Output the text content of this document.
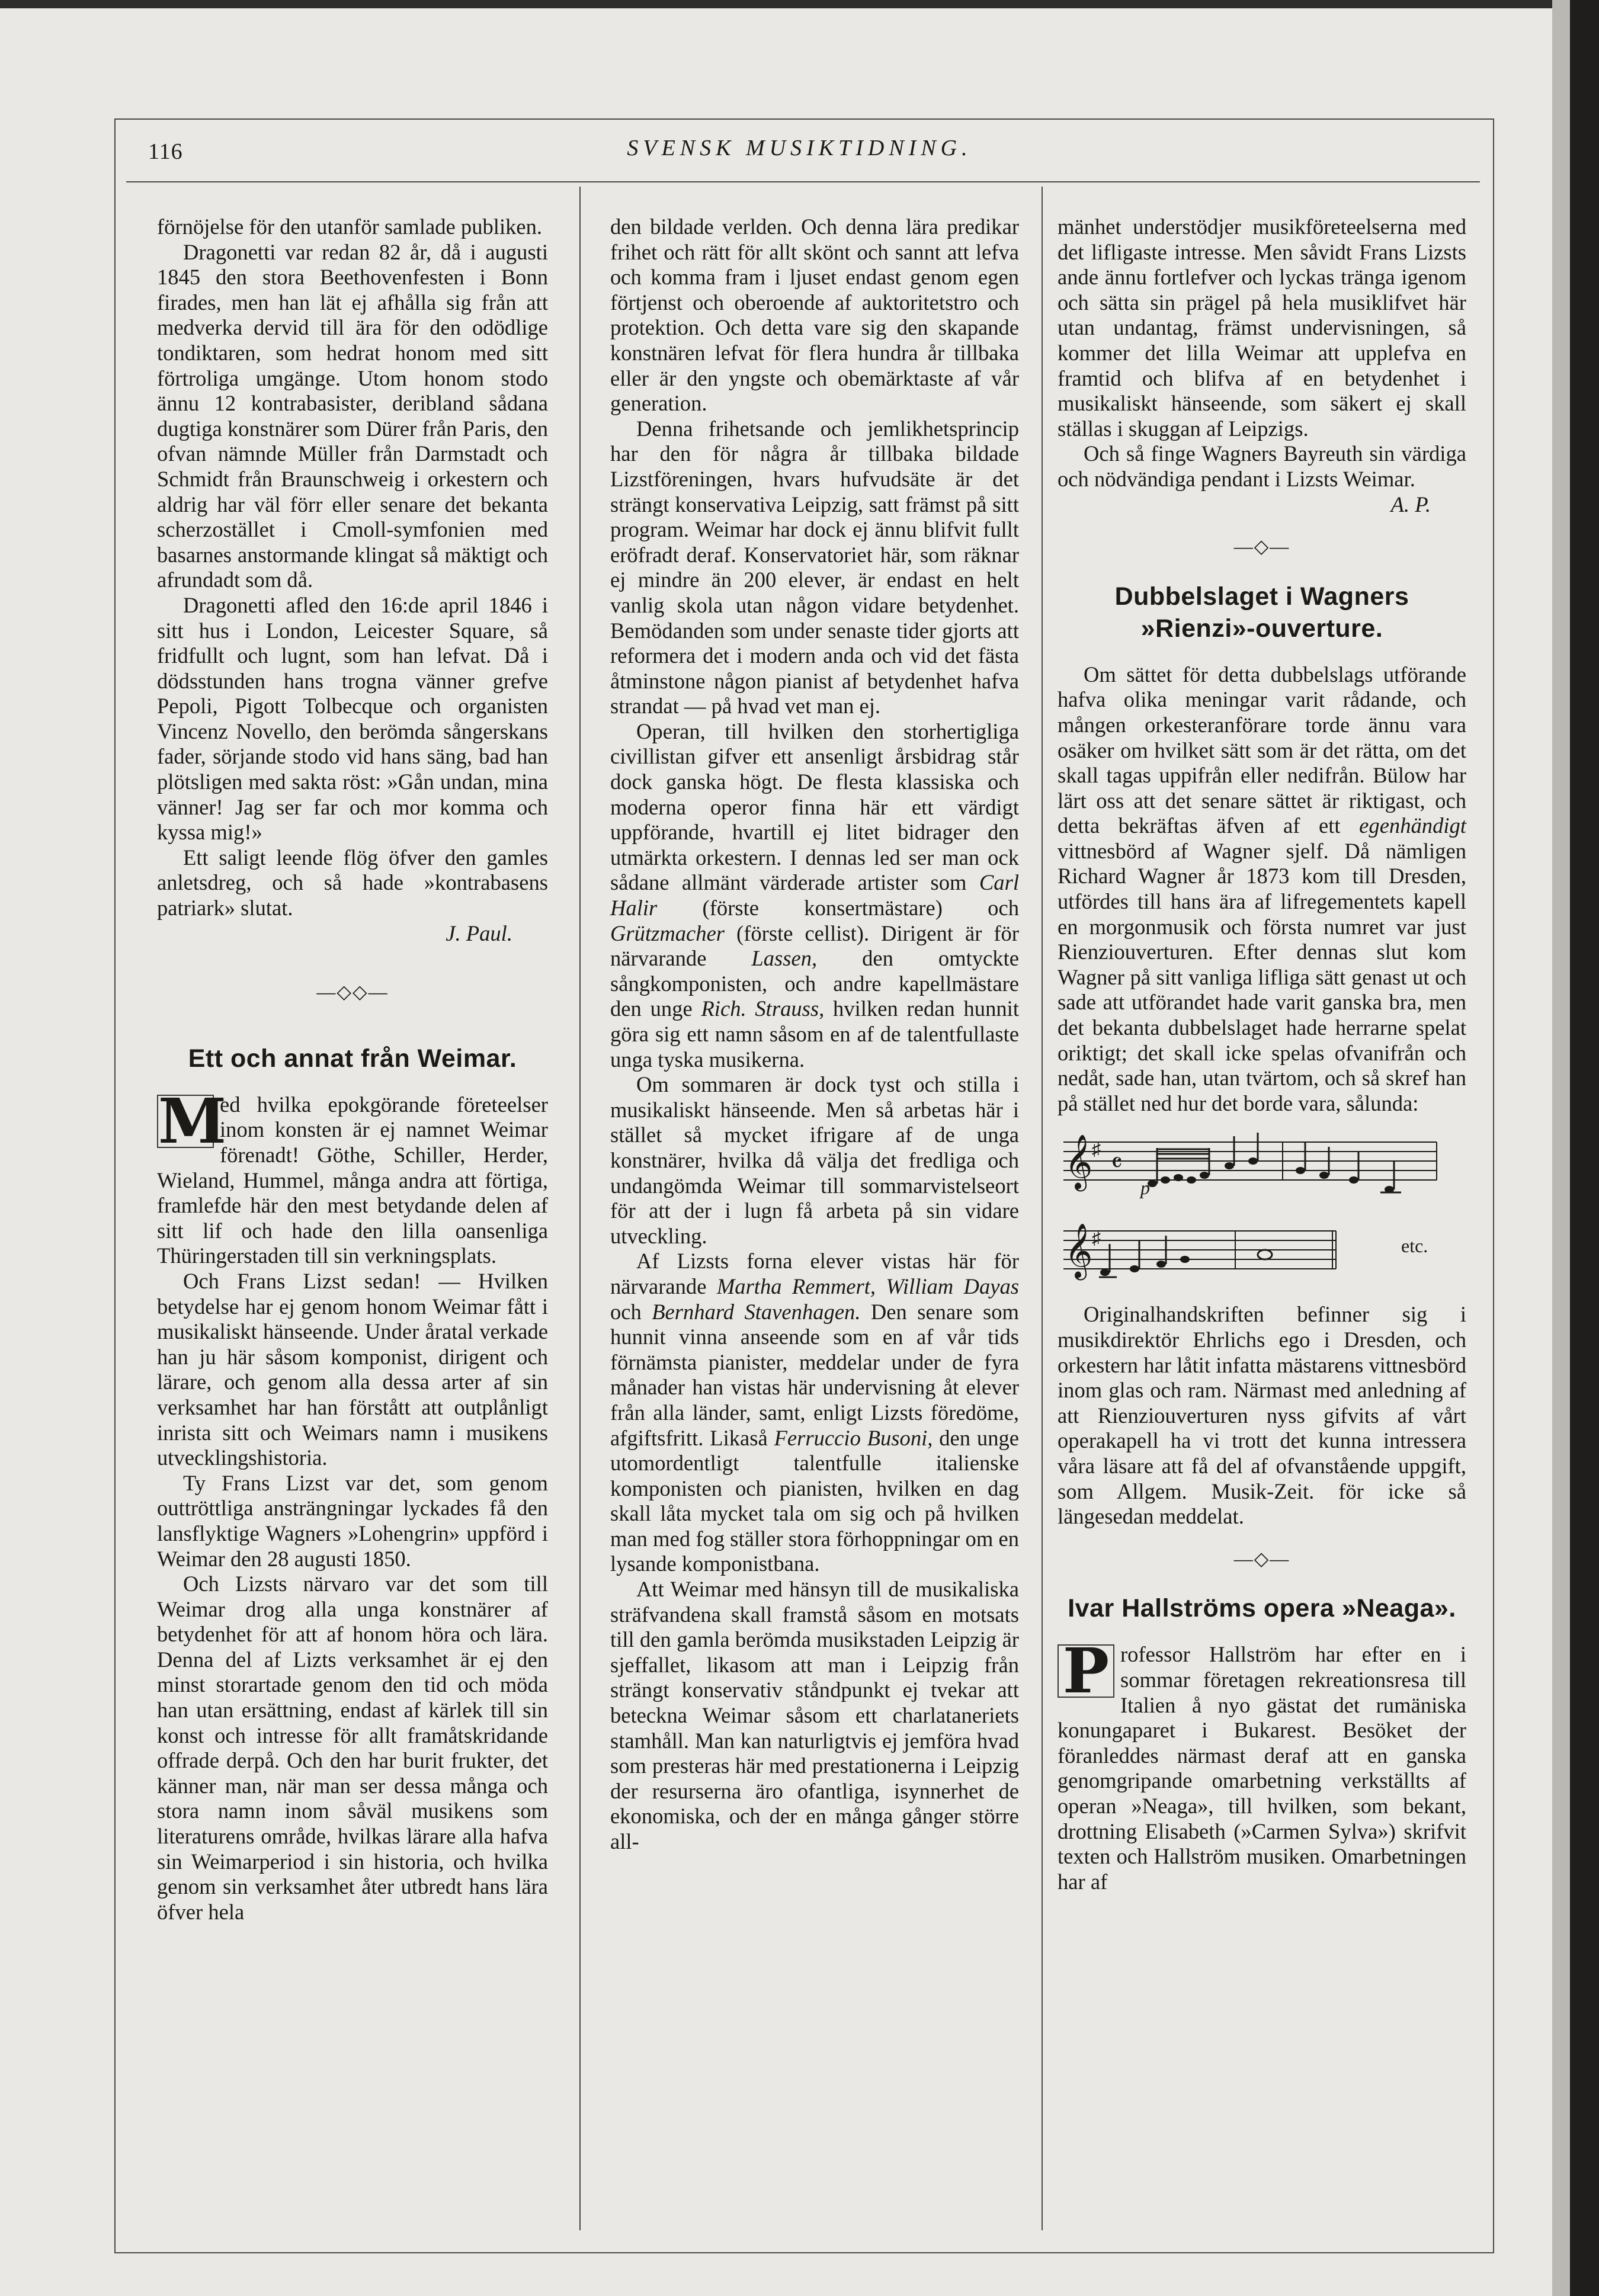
116	SVENSK MUSIKTIDNING.

förnöjelse för den utanför samlade publiken.

Dragonetti var redan 82 år, då i augusti 1845 den stora Beethovenfesten i Bonn firades, men han lät ej afhålla sig från att medverka dervid till ära för den odödlige tondiktaren, som hedrat honom med sitt förtroliga umgänge. Utom honom stodo ännu 12 kontrabasister, deribland sådana dugtiga konstnärer som Dürer från Paris, den ofvan nämnde Müller från Darmstadt och Schmidt från Braunschweig i orkestern och aldrig har väl förr eller senare det bekanta scherzostället i Cmoll-symfonien med basarnes anstormande klingat så mäktigt och afrundadt som då.

Dragonetti afled den 16:de april 1846 i sitt hus i London, Leicester Square, så fridfullt och lugnt, som han lefvat. Då i dödsstunden hans trogna vänner grefve Pepoli, Pigott Tolbecque och organisten Vincenz Novello, den berömda sångerskans fader, sörjande stodo vid hans säng, bad han plötsligen med sakta röst: »Gån undan, mina vänner! Jag ser far och mor komma och kyssa mig!»

Ett saligt leende flög öfver den gamles anletsdreg, och så hade »kontrabasens patriark» slutat.

J. Paul.

—◇◇—
Ett och annat från Weimar.

M
ed hvilka epokgörande företeelser inom konsten är ej namnet Weimar förenadt! Göthe, Schiller, Herder, Wieland, Hummel, många andra att förtiga, framlefde här den mest betydande delen af sitt lif och hade den lilla oansenliga Thüringerstaden till sin verkningsplats.

Och Frans Lizst sedan! — Hvilken betydelse har ej genom honom Weimar fått i musikaliskt hänseende. Under åratal verkade han ju här såsom komponist, dirigent och lärare, och genom alla dessa arter af sin verksamhet har han förstått att outplånligt inrista sitt och Weimars namn i musikens utvecklingshistoria.

Ty Frans Lizst var det, som genom outtröttliga ansträngningar lyckades få den lansflyktige Wagners »Lohengrin» uppförd i Weimar den 28 augusti 1850.

Och Lizsts närvaro var det som till Weimar drog alla unga konstnärer af betydenhet för att af honom höra och lära. Denna del af Lizts verksamhet är ej den minst storartade genom den tid och möda han utan ersättning, endast af kärlek till sin konst och intresse för allt framåtskridande offrade derpå. Och den har burit frukter, det känner man, när man ser dessa många och stora namn inom såväl musikens som literaturens område, hvilkas lärare alla hafva sin Weimarperiod i sin historia, och hvilka genom sin verksamhet åter utbredt hans lära öfver hela

den bildade verlden. Och denna lära predikar frihet och rätt för allt skönt och sannt att lefva och komma fram i ljuset endast genom egen förtjenst och oberoende af auktoritetstro och protektion. Och detta vare sig den skapande konstnären lefvat för flera hundra år tillbaka eller är den yngste och obemärktaste af vår generation.

Denna frihetsande och jemlikhetsprincip har den för några år tillbaka bildade Lizstföreningen, hvars hufvudsäte är det strängt konservativa Leipzig, satt främst på sitt program. Weimar har dock ej ännu blifvit fullt eröfradt deraf. Konservatoriet här, som räknar ej mindre än 200 elever, är endast en helt vanlig skola utan någon vidare betydenhet. Bemödanden som under senaste tider gjorts att reformera det i modern anda och vid det fästa åtminstone någon pianist af betydenhet hafva strandat — på hvad vet man ej.

Operan, till hvilken den storhertigliga civillistan gifver ett ansenligt årsbidrag står dock ganska högt. De flesta klassiska och moderna operor finna här ett värdigt uppförande, hvartill ej litet bidrager den utmärkta orkestern. I dennas led ser man ock sådane allmänt värderade artister som Carl Halir (förste konsertmästare) och Grützmacher (förste cellist). Dirigent är för närvarande Lassen, den omtyckte sångkomponisten, och andre kapellmästare den unge Rich. Strauss, hvilken redan hunnit göra sig ett namn såsom en af de talentfullaste unga tyska musikerna.

Om sommaren är dock tyst och stilla i musikaliskt hänseende. Men så arbetas här i stället så mycket ifrigare af de unga konstnärer, hvilka då välja det fredliga och undangömda Weimar till sommarvistelseort för att der i lugn få arbeta på sin vidare utveckling.

Af Lizsts forna elever vistas här för närvarande Martha Remmert, William Dayas och Bernhard Stavenhagen. Den senare som hunnit vinna anseende som en af vår tids förnämsta pianister, meddelar under de fyra månader han vistas här undervisning åt elever från alla länder, samt, enligt Lizsts föredöme, afgiftsfritt. Likaså Ferruccio Busoni, den unge utomordentligt talentfulle italienske komponisten och pianisten, hvilken en dag skall låta mycket tala om sig och på hvilken man med fog ställer stora förhoppningar om en lysande komponistbana.

Att Weimar med hänsyn till de musikaliska sträfvandena skall framstå såsom en motsats till den gamla berömda musikstaden Leipzig är sjeffallet, likasom att man i Leipzig från strängt konservativ ståndpunkt ej tvekar att beteckna Weimar såsom ett charlataneriets stamhåll. Man kan naturligtvis ej jemföra hvad som presteras här med prestationerna i Leipzig der resurserna äro ofantliga, isynnerhet de ekonomiska, och der en många gånger större all-

mänhet understödjer musikföreteelserna med det lifligaste intresse. Men såvidt Frans Lizsts ande ännu fortlefver och lyckas tränga igenom och sätta sin prägel på hela musiklifvet här utan undantag, främst undervisningen, så kommer det lilla Weimar att upplefva en framtid och blifva af en betydenhet i musikaliskt hänseende, som säkert ej skall ställas i skuggan af Leipzigs.

Och så finge Wagners Bayreuth sin värdiga och nödvändiga pendant i Lizsts Weimar.

A. P.

—◇—
Dubbelslaget i Wagners
»Rienzi»-ouverture.

Om sättet för detta dubbelslags utförande hafva olika meningar varit rådande, och mången orkesteranförare torde ännu vara osäker om hvilket sätt som är det rätta, om det skall tagas uppifrån eller nedifrån. Bülow har lärt oss att det senare sättet är riktigast, och detta bekräftas äfven af ett egenhändigt vittnesbörd af Wagner sjelf. Då nämligen Richard Wagner år 1873 kom till Dresden, utfördes till hans ära af lifregementets kapell en morgonmusik och första numret var just Rienziouverturen. Efter dennas slut kom Wagner på sitt vanliga lifliga sätt genast ut och sade att utförandet hade varit ganska bra, men det bekanta dubbelslaget hade herrarne spelat oriktigt; det skall icke spelas ofvanifrån och nedåt, sade han, utan tvärtom, och så skref han på stället ned hur det borde vara, sålunda:

𝄞
𝄞
♯
♯
𝄴
p
etc.

Originalhandskriften befinner sig i musikdirektör Ehrlichs ego i Dresden, och orkestern har låtit infatta mästarens vittnesbörd inom glas och ram. Närmast med anledning af att Rienziouverturen nyss gifvits af vårt operakapell ha vi trott det kunna intressera våra läsare att få del af ofvanstående uppgift, som Allgem. Musik-Zeit. för icke så längesedan meddelat.

—◇—
Ivar Hallströms opera »Neaga».

P rofessor Hallström har efter en i sommar företagen rekreationsresa till Italien å nyo gästat det rumäniska konungaparet i Bukarest. Besöket der föranleddes närmast deraf att en ganska genomgripande omarbetning verkställts af operan »Neaga», till hvilken, som bekant, drottning Elisabeth (»Carmen Sylva») skrifvit texten och Hallström musiken. Omarbetningen har af
